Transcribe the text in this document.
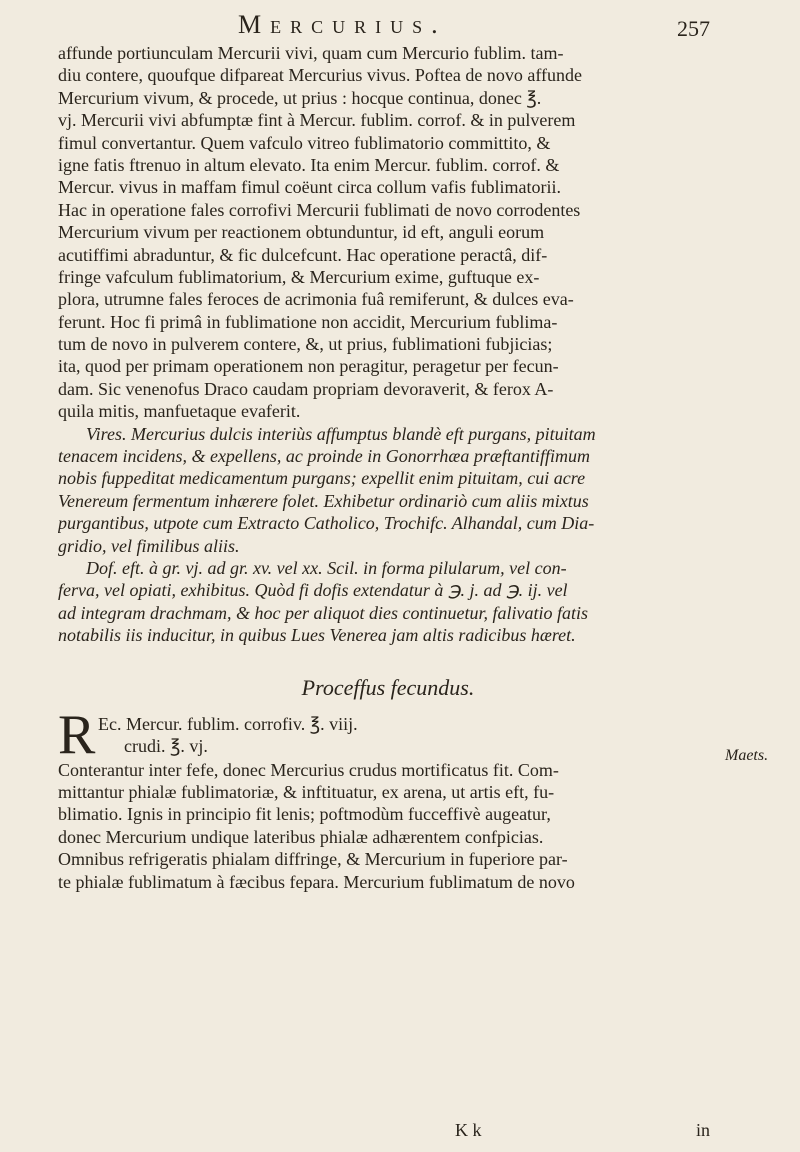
Mercurius.	257
affunde portiunculam Mercurii vivi, quam cum Mercurio fublim. tam-
diu contere, quoufque difpareat Mercurius vivus. Poftea de novo affunde
Mercurium vivum, & procede, ut prius : hocque continua, donec ℥.
vj. Mercurii vivi abfumptæ fint à Mercur. fublim. corrof. & in pulverem
fimul convertantur. Quem vafculo vitreo fublimatorio committito, &
igne fatis ftrenuo in altum elevato. Ita enim Mercur. fublim. corrof. &
Mercur. vivus in maffam fimul coëunt circa collum vafis fublimatorii.
Hac in operatione fales corrofivi Mercurii fublimati de novo corrodentes
Mercurium vivum per reactionem obtunduntur, id eft, anguli eorum
acutiffimi abraduntur, & fic dulcefcunt. Hac operatione peractâ, dif-
fringe vafculum fublimatorium, & Mercurium exime, guftuque ex-
plora, utrumne fales feroces de acrimonia fuâ remiferunt, & dulces eva-
ferunt. Hoc fi primâ in fublimatione non accidit, Mercurium fublima-
tum de novo in pulverem contere, &, ut prius, fublimationi fubjicias;
ita, quod per primam operationem non peragitur, peragetur per fecun-
dam. Sic venenofus Draco caudam propriam devoraverit, & ferox A-
quila mitis, manfuetaque evaferit.
Vires. Mercurius dulcis interiùs affumptus blandè eft purgans, pituitam
tenacem incidens, & expellens, ac proinde in Gonorrhæa præftantiffimum
nobis fuppeditat medicamentum purgans; expellit enim pituitam, cui acre
Venereum fermentum inhærere folet. Exhibetur ordinariò cum aliis mixtus
purgantibus, utpote cum Extracto Catholico, Trochifc. Alhandal, cum Dia-
gridio, vel fimilibus aliis.
Dof. eft. à gr. vj. ad gr. xv. vel xx. Scil. in forma pilularum, vel con-
ferva, vel opiati, exhibitus. Quòd fi dofis extendatur à ℈. j. ad ℈. ij. vel
ad integram drachmam, & hoc per aliquot dies continuetur, falivatio fatis
notabilis iis inducitur, in quibus Lues Venerea jam altis radicibus hæret.
Proceffus fecundus.
R Ec. Mercur. fublim. corrofiv. ℥. viij.
crudi. ℥. vj.
Conterantur inter fefe, donec Mercurius crudus mortificatus fit. Com-
mittantur phialæ fublimatoriæ, & inftituatur, ex arena, ut artis eft, fu-
blimatio. Ignis in principio fit lenis; poftmodùm fucceffivè augeatur,
donec Mercurium undique lateribus phialæ adhærentem confpicias.
Omnibus refrigeratis phialam diffringe, & Mercurium in fuperiore par-
te phialæ fublimatum à fæcibus fepara. Mercurium fublimatum de novo
Maets.
K k	in
